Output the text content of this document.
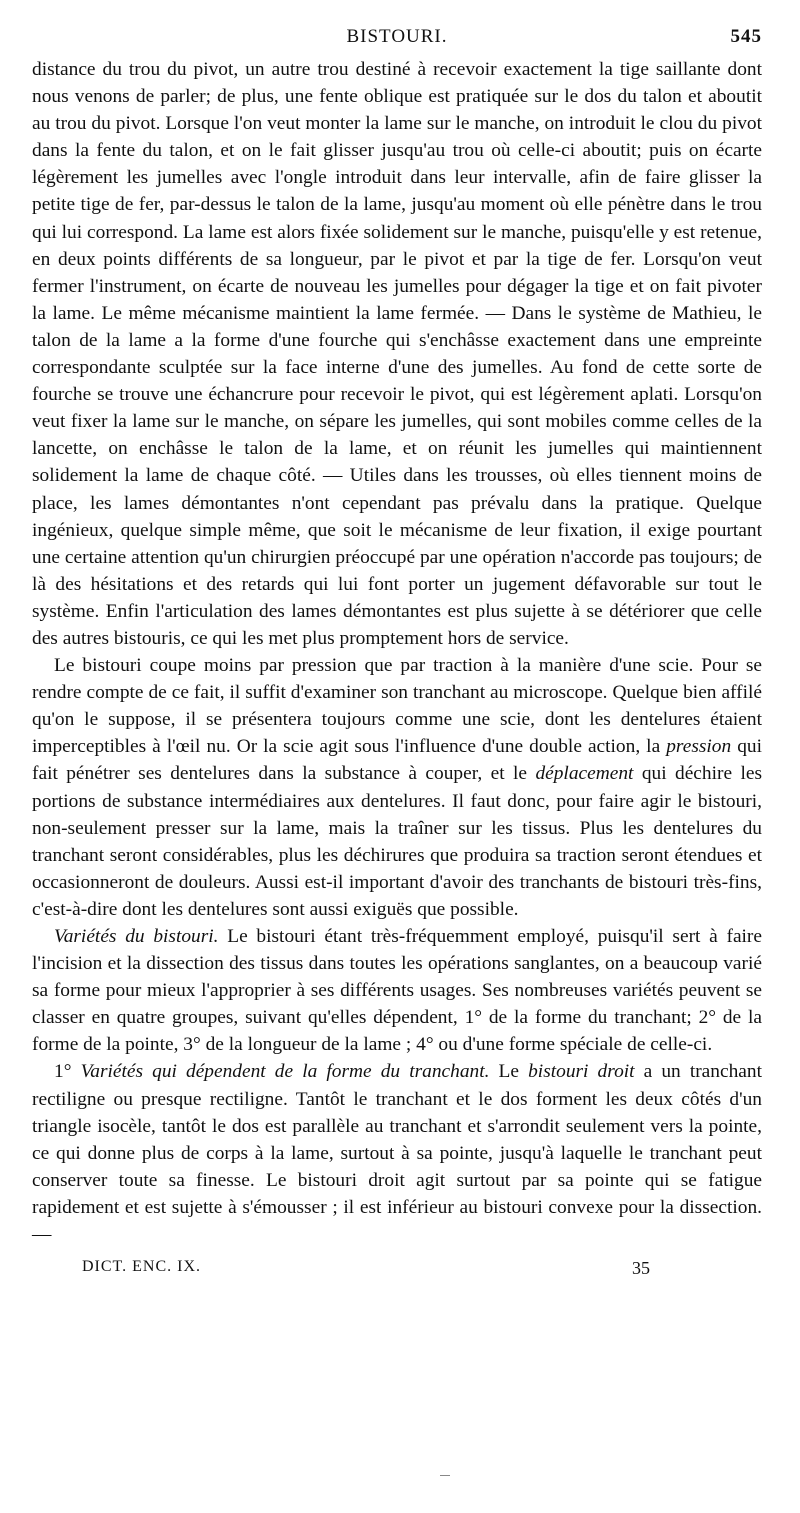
BISTOURI.	545

distance du trou du pivot, un autre trou destiné à recevoir exactement la tige saillante dont nous venons de parler; de plus, une fente oblique est pratiquée sur le dos du talon et aboutit au trou du pivot. Lorsque l'on veut monter la lame sur le manche, on introduit le clou du pivot dans la fente du talon, et on le fait glisser jusqu'au trou où celle-ci aboutit; puis on écarte légèrement les jumelles avec l'ongle introduit dans leur intervalle, afin de faire glisser la petite tige de fer, par-dessus le talon de la lame, jusqu'au moment où elle pénètre dans le trou qui lui correspond. La lame est alors fixée solidement sur le manche, puisqu'elle y est retenue, en deux points différents de sa longueur, par le pivot et par la tige de fer. Lorsqu'on veut fermer l'instrument, on écarte de nouveau les jumelles pour dégager la tige et on fait pivoter la lame. Le même mécanisme maintient la lame fermée. — Dans le système de Mathieu, le talon de la lame a la forme d'une fourche qui s'enchâsse exactement dans une empreinte correspondante sculptée sur la face interne d'une des jumelles. Au fond de cette sorte de fourche se trouve une échancrure pour recevoir le pivot, qui est légèrement aplati. Lorsqu'on veut fixer la lame sur le manche, on sépare les jumelles, qui sont mobiles comme celles de la lancette, on enchâsse le talon de la lame, et on réunit les jumelles qui maintiennent solidement la lame de chaque côté. — Utiles dans les trousses, où elles tiennent moins de place, les lames démontantes n'ont cependant pas prévalu dans la pratique. Quelque ingénieux, quelque simple même, que soit le mécanisme de leur fixation, il exige pourtant une certaine attention qu'un chirurgien préoccupé par une opération n'accorde pas toujours; de là des hésitations et des retards qui lui font porter un jugement défavorable sur tout le système. Enfin l'articulation des lames démontantes est plus sujette à se détériorer que celle des autres bistouris, ce qui les met plus promptement hors de service.

Le bistouri coupe moins par pression que par traction à la manière d'une scie. Pour se rendre compte de ce fait, il suffit d'examiner son tranchant au microscope. Quelque bien affilé qu'on le suppose, il se présentera toujours comme une scie, dont les dentelures étaient imperceptibles à l'œil nu. Or la scie agit sous l'influence d'une double action, la pression qui fait pénétrer ses dentelures dans la substance à couper, et le déplacement qui déchire les portions de substance intermédiaires aux dentelures. Il faut donc, pour faire agir le bistouri, non-seulement presser sur la lame, mais la traîner sur les tissus. Plus les dentelures du tranchant seront considérables, plus les déchirures que produira sa traction seront étendues et occasionneront de douleurs. Aussi est-il important d'avoir des tranchants de bistouri très-fins, c'est-à-dire dont les dentelures sont aussi exiguës que possible.

Variétés du bistouri. Le bistouri étant très-fréquemment employé, puisqu'il sert à faire l'incision et la dissection des tissus dans toutes les opérations sanglantes, on a beaucoup varié sa forme pour mieux l'approprier à ses différents usages. Ses nombreuses variétés peuvent se classer en quatre groupes, suivant qu'elles dépendent, 1° de la forme du tranchant; 2° de la forme de la pointe, 3° de la longueur de la lame ; 4° ou d'une forme spéciale de celle-ci.

1° Variétés qui dépendent de la forme du tranchant. Le bistouri droit a un tranchant rectiligne ou presque rectiligne. Tantôt le tranchant et le dos forment les deux côtés d'un triangle isocèle, tantôt le dos est parallèle au tranchant et s'arrondit seulement vers la pointe, ce qui donne plus de corps à la lame, surtout à sa pointe, jusqu'à laquelle le tranchant peut conserver toute sa finesse. Le bistouri droit agit surtout par sa pointe qui se fatigue rapidement et est sujette à s'émousser ; il est inférieur au bistouri convexe pour la dissection. —

DICT. ENC. IX.	35
